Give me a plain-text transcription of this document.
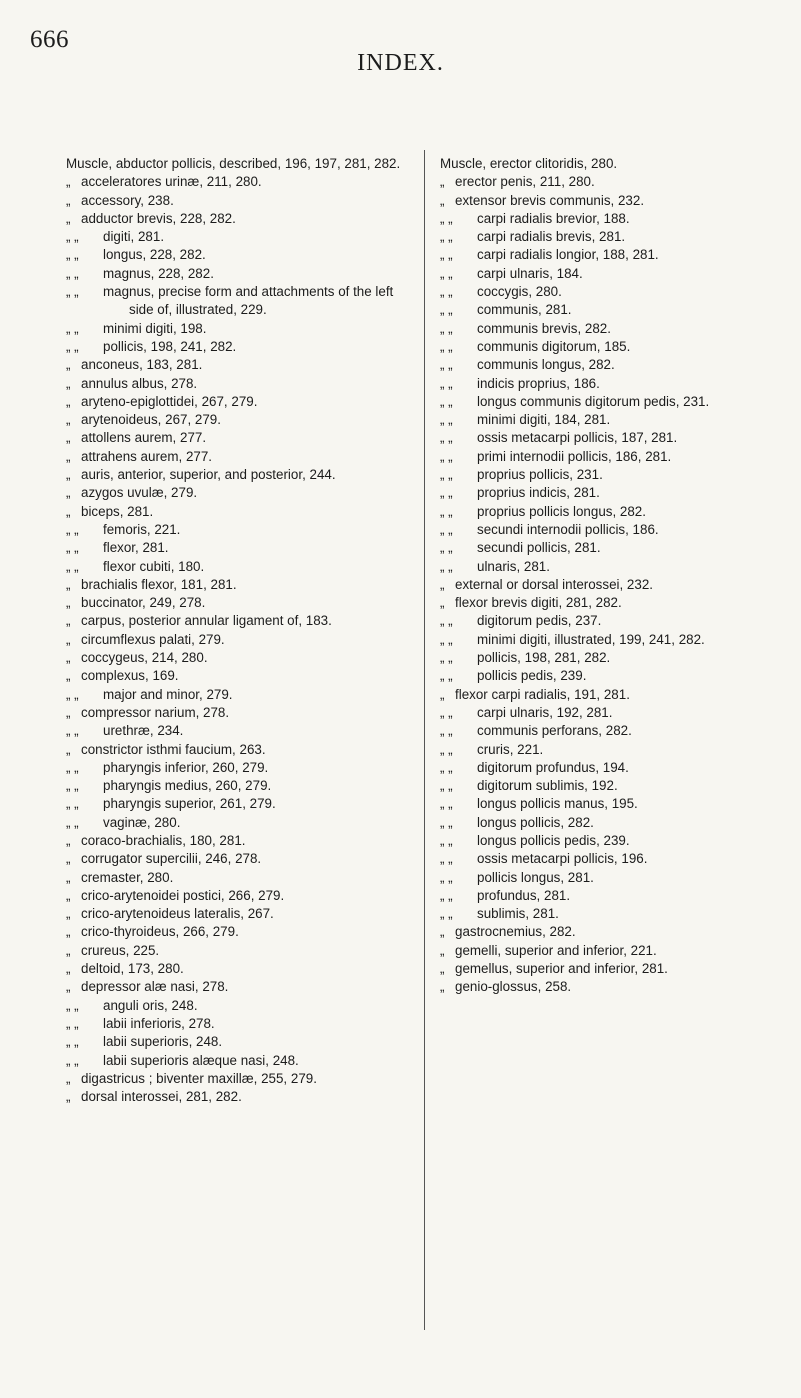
666
INDEX.
Muscle, abductor pollicis, described, 196, 197, 281, 282.
„ acceleratores urinæ, 211, 280.
„ accessory, 238.
„ adductor brevis, 228, 282.
„ „ digiti, 281.
„ „ longus, 228, 282.
„ „ magnus, 228, 282.
„ „ magnus, precise form and attachments of the left side of, illustrated, 229.
„ „ minimi digiti, 198.
„ „ pollicis, 198, 241, 282.
„ anconeus, 183, 281.
„ annulus albus, 278.
„ aryteno-epiglottidei, 267, 279.
„ arytenoideus, 267, 279.
„ attollens aurem, 277.
„ attrahens aurem, 277.
„ auris, anterior, superior, and posterior, 244.
„ azygos uvulæ, 279.
„ biceps, 281.
„ „ femoris, 221.
„ „ flexor, 281.
„ „ flexor cubiti, 180.
„ brachialis flexor, 181, 281.
„ buccinator, 249, 278.
„ carpus, posterior annular ligament of, 183.
„ circumflexus palati, 279.
„ coccygeus, 214, 280.
„ complexus, 169.
„ „ major and minor, 279.
„ compressor narium, 278.
„ „ urethræ, 234.
„ constrictor isthmi faucium, 263.
„ „ pharyngis inferior, 260, 279.
„ „ pharyngis medius, 260, 279.
„ „ pharyngis superior, 261, 279.
„ „ vaginæ, 280.
„ coraco-brachialis, 180, 281.
„ corrugator supercilii, 246, 278.
„ cremaster, 280.
„ crico-arytenoidei postici, 266, 279.
„ crico-arytenoideus lateralis, 267.
„ crico-thyroideus, 266, 279.
„ crureus, 225.
„ deltoid, 173, 280.
„ depressor alæ nasi, 278.
„ „ anguli oris, 248.
„ „ labii inferioris, 278.
„ „ labii superioris, 248.
„ „ labii superioris alæque nasi, 248.
„ digastricus ; biventer maxillæ, 255, 279.
„ dorsal interossei, 281, 282.
Muscle, erector clitoridis, 280.
„ erector penis, 211, 280.
„ extensor brevis communis, 232.
„ „ carpi radialis brevior, 188.
„ „ carpi radialis brevis, 281.
„ „ carpi radialis longior, 188, 281.
„ „ carpi ulnaris, 184.
„ „ coccygis, 280.
„ „ communis, 281.
„ „ communis brevis, 282.
„ „ communis digitorum, 185.
„ „ communis longus, 282.
„ „ indicis proprius, 186.
„ „ longus communis digitorum pedis, 231.
„ „ minimi digiti, 184, 281.
„ „ ossis metacarpi pollicis, 187, 281.
„ „ primi internodii pollicis, 186, 281.
„ „ proprius pollicis, 231.
„ „ proprius indicis, 281.
„ „ proprius pollicis longus, 282.
„ „ secundi internodii pollicis, 186.
„ „ secundi pollicis, 281.
„ „ ulnaris, 281.
„ external or dorsal interossei, 232.
„ flexor brevis digiti, 281, 282.
„ „ digitorum pedis, 237.
„ „ minimi digiti, illustrated, 199, 241, 282.
„ „ pollicis, 198, 281, 282.
„ „ pollicis pedis, 239.
„ flexor carpi radialis, 191, 281.
„ „ carpi ulnaris, 192, 281.
„ „ communis perforans, 282.
„ „ cruris, 221.
„ „ digitorum profundus, 194.
„ „ digitorum sublimis, 192.
„ „ longus pollicis manus, 195.
„ „ longus pollicis, 282.
„ „ longus pollicis pedis, 239.
„ „ ossis metacarpi pollicis, 196.
„ „ pollicis longus, 281.
„ „ profundus, 281.
„ „ sublimis, 281.
„ gastrocnemius, 282.
„ gemelli, superior and inferior, 221.
„ gemellus, superior and inferior, 281.
„ genio-glossus, 258.
